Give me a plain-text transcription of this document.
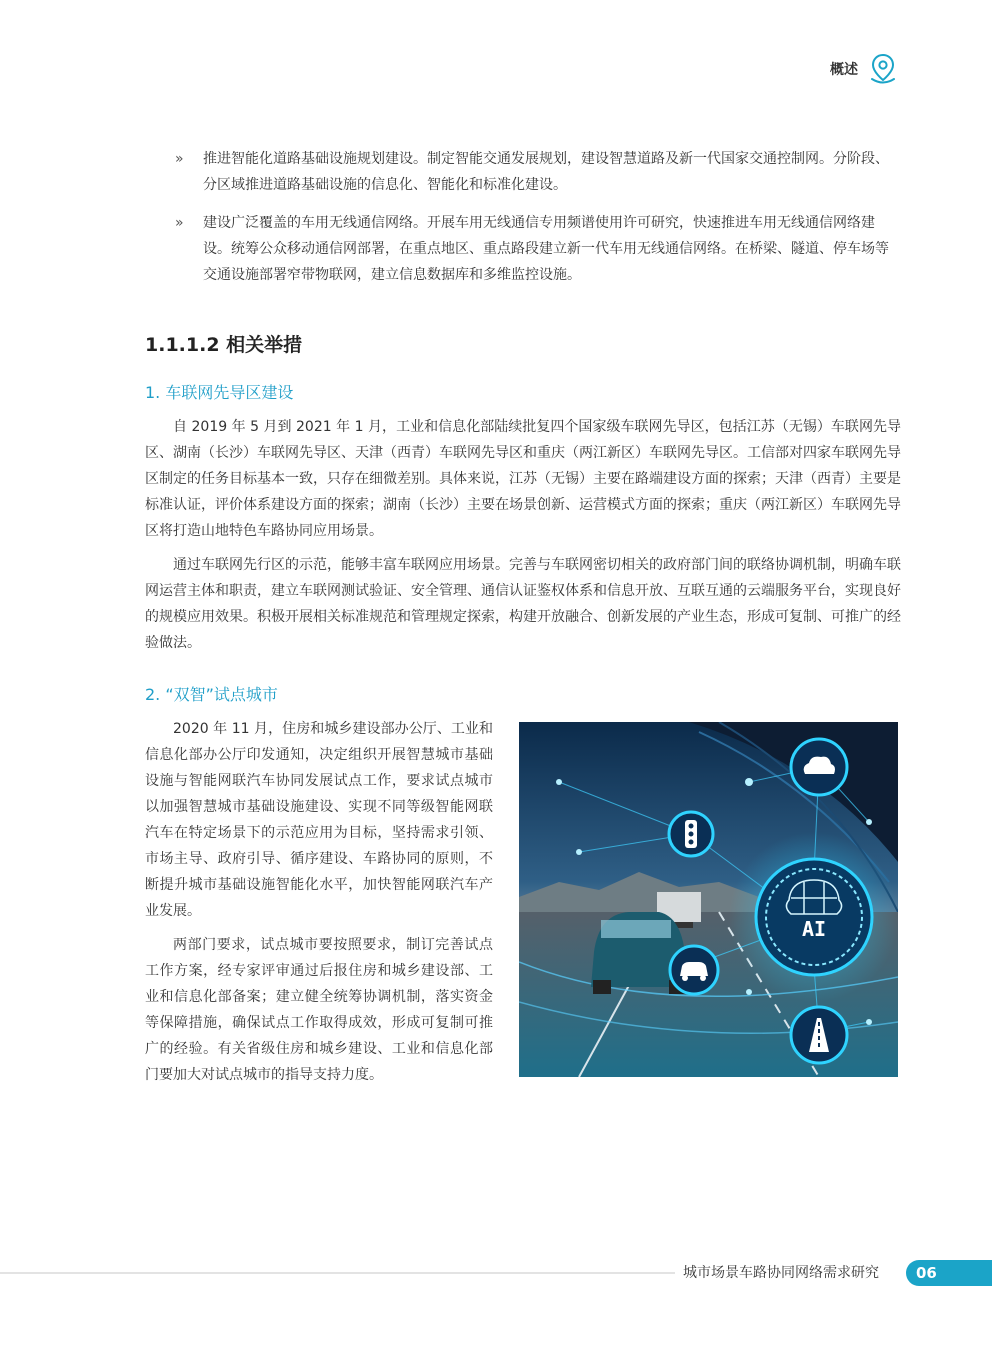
概述
»	推进智能化道路基础设施规划建设。制定智能交通发展规划，建设智慧道路及新一代国家交通控制网。分阶段、分区域推进道路基础设施的信息化、智能化和标准化建设。
»	建设广泛覆盖的车用无线通信网络。开展车用无线通信专用频谱使用许可研究，快速推进车用无线通信网络建设。统筹公众移动通信网部署，在重点地区、重点路段建立新一代车用无线通信网络。在桥梁、隧道、停车场等交通设施部署窄带物联网，建立信息数据库和多维监控设施。
1.1.1.2 相关举措
1. 车联网先导区建设

自 2019 年 5 月到 2021 年 1 月，工业和信息化部陆续批复四个国家级车联网先导区，包括江苏（无锡）车联网先导区、湖南（长沙）车联网先导区、天津（西青）车联网先导区和重庆（两江新区）车联网先导区。工信部对四家车联网先导区制定的任务目标基本一致，只存在细微差别。具体来说，江苏（无锡）主要在路端建设方面的探索；天津（西青）主要是标准认证，评价体系建设方面的探索；湖南（长沙）主要在场景创新、运营模式方面的探索；重庆（两江新区）车联网先导区将打造山地特色车路协同应用场景。

通过车联网先行区的示范，能够丰富车联网应用场景。完善与车联网密切相关的政府部门间的联络协调机制，明确车联网运营主体和职责，建立车联网测试验证、安全管理、通信认证鉴权体系和信息开放、互联互通的云端服务平台，实现良好的规模应用效果。积极开展相关标准规范和管理规定探索，构建开放融合、创新发展的产业生态，形成可复制、可推广的经验做法。

2. “双智”试点城市

2020 年 11 月，住房和城乡建设部办公厅、工业和信息化部办公厅印发通知，决定组织开展智慧城市基础设施与智能网联汽车协同发展试点工作，要求试点城市以加强智慧城市基础设施建设、实现不同等级智能网联汽车在特定场景下的示范应用为目标，坚持需求引领、市场主导、政府引导、循序建设、车路协同的原则，不断提升城市基础设施智能化水平，加快智能网联汽车产业发展。

两部门要求，试点城市要按照要求，制订完善试点工作方案，经专家评审通过后报住房和城乡建设部、工业和信息化部备案；建立健全统筹协调机制，落实资金等保障措施，确保试点工作取得成效，形成可复制可推广的经验。有关省级住房和城乡建设、工业和信息化部门要加大对试点城市的指导支持力度。

AI
城市场景车路协同网络需求研究	06
